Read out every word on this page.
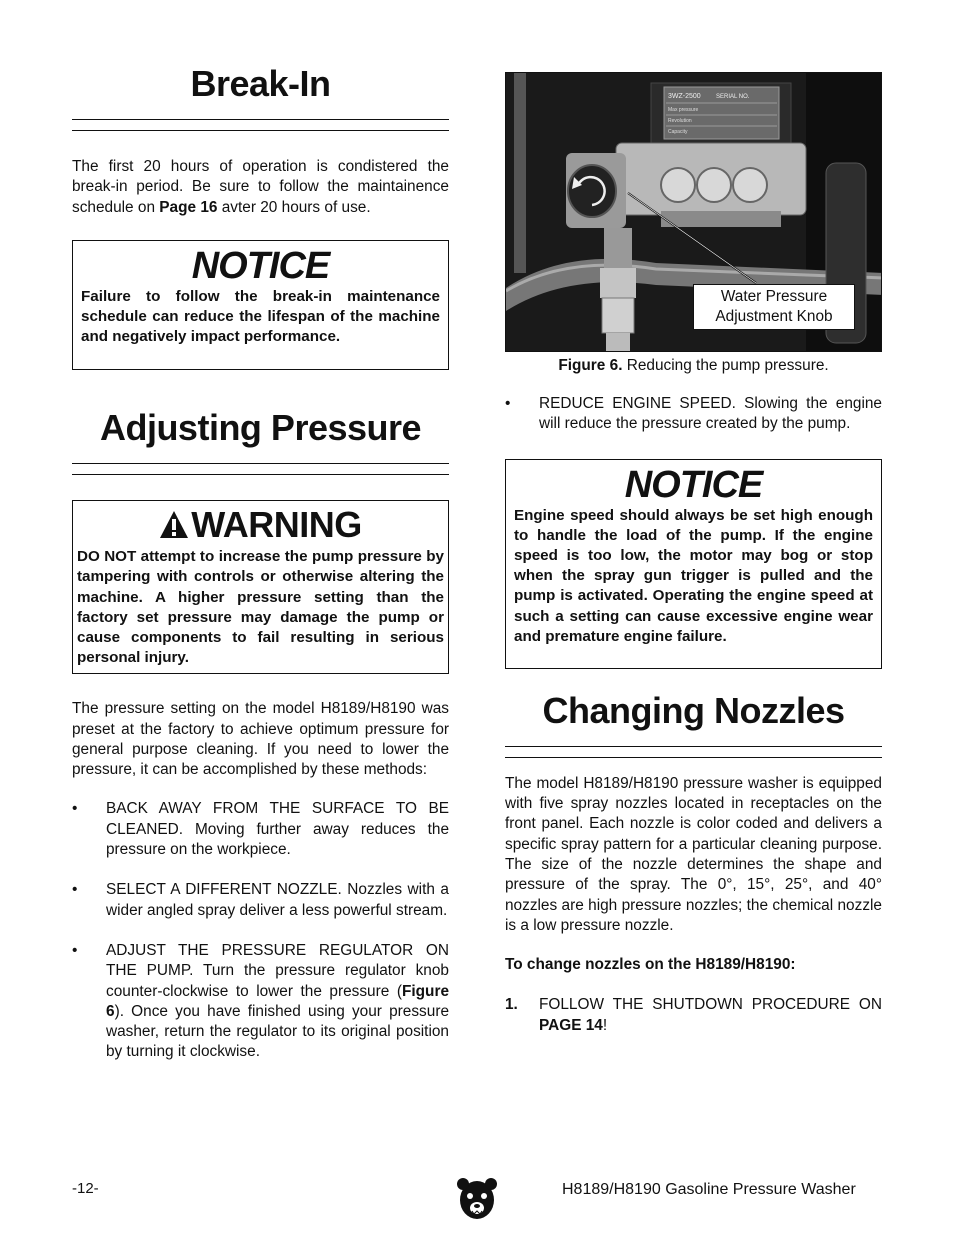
Break-In

The first 20 hours of operation is condistered the break-in period. Be sure to follow the maintainence schedule on Page 16 avter 20 hours of use.

NOTICE
Failure to follow the break-in maintenance schedule can reduce the lifespan of the machine and negatively impact performance.
Adjusting Pressure
WARNING
DO NOT attempt to increase the pump pressure by tampering with controls or otherwise altering the machine. A higher pressure setting than the factory set pressure may damage the pump or cause components to fail resulting in serious personal injury.

The pressure setting on the model H8189/H8190 was preset at the factory to achieve optimum pressure for general purpose cleaning. If you need to lower the pressure, it can be accomplished by these methods:

•	BACK AWAY FROM THE SURFACE TO BE CLEANED. Moving further away reduces the pressure on the workpiece.
•	SELECT A DIFFERENT NOZZLE. Nozzles with a wider angled spray deliver a less powerful stream.
•	ADJUST THE PRESSURE REGULATOR ON THE PUMP. Turn the pressure regulator knob counter-clockwise to lower the pressure (Figure 6). Once you have finished using your pressure washer, return the regulator to its original position by turning it clockwise.
3WZ-2500	SERIAL NO.
Max pressure
Revolution
Capacity
Water Pressure
Adjustment Knob
Figure 6. Reducing the pump pressure.
•	REDUCE ENGINE SPEED. Slowing the engine will reduce the pressure created by the pump.
NOTICE
Engine speed should always be set high enough to handle the load of the pump. If the engine speed is too low, the motor may bog or stop when the spray gun trigger is pulled and the pump is activated. Operating the engine speed at such a setting can cause excessive engine wear and premature engine failure.
Changing Nozzles

The model H8189/H8190 pressure washer is equipped with five spray nozzles located in receptacles on the front panel. Each nozzle is color coded and delivers a specific spray pattern for a particular cleaning purpose. The size of the nozzle determines the shape and pressure of the spray. The 0°, 15°, 25°, and 40° nozzles are high pressure nozzles; the chemical nozzle is a low pressure nozzle.

To change nozzles on the H8189/H8190:

1.	FOLLOW THE SHUTDOWN PROCEDURE ON PAGE 14!
-12-	H8189/H8190 Gasoline Pressure Washer
